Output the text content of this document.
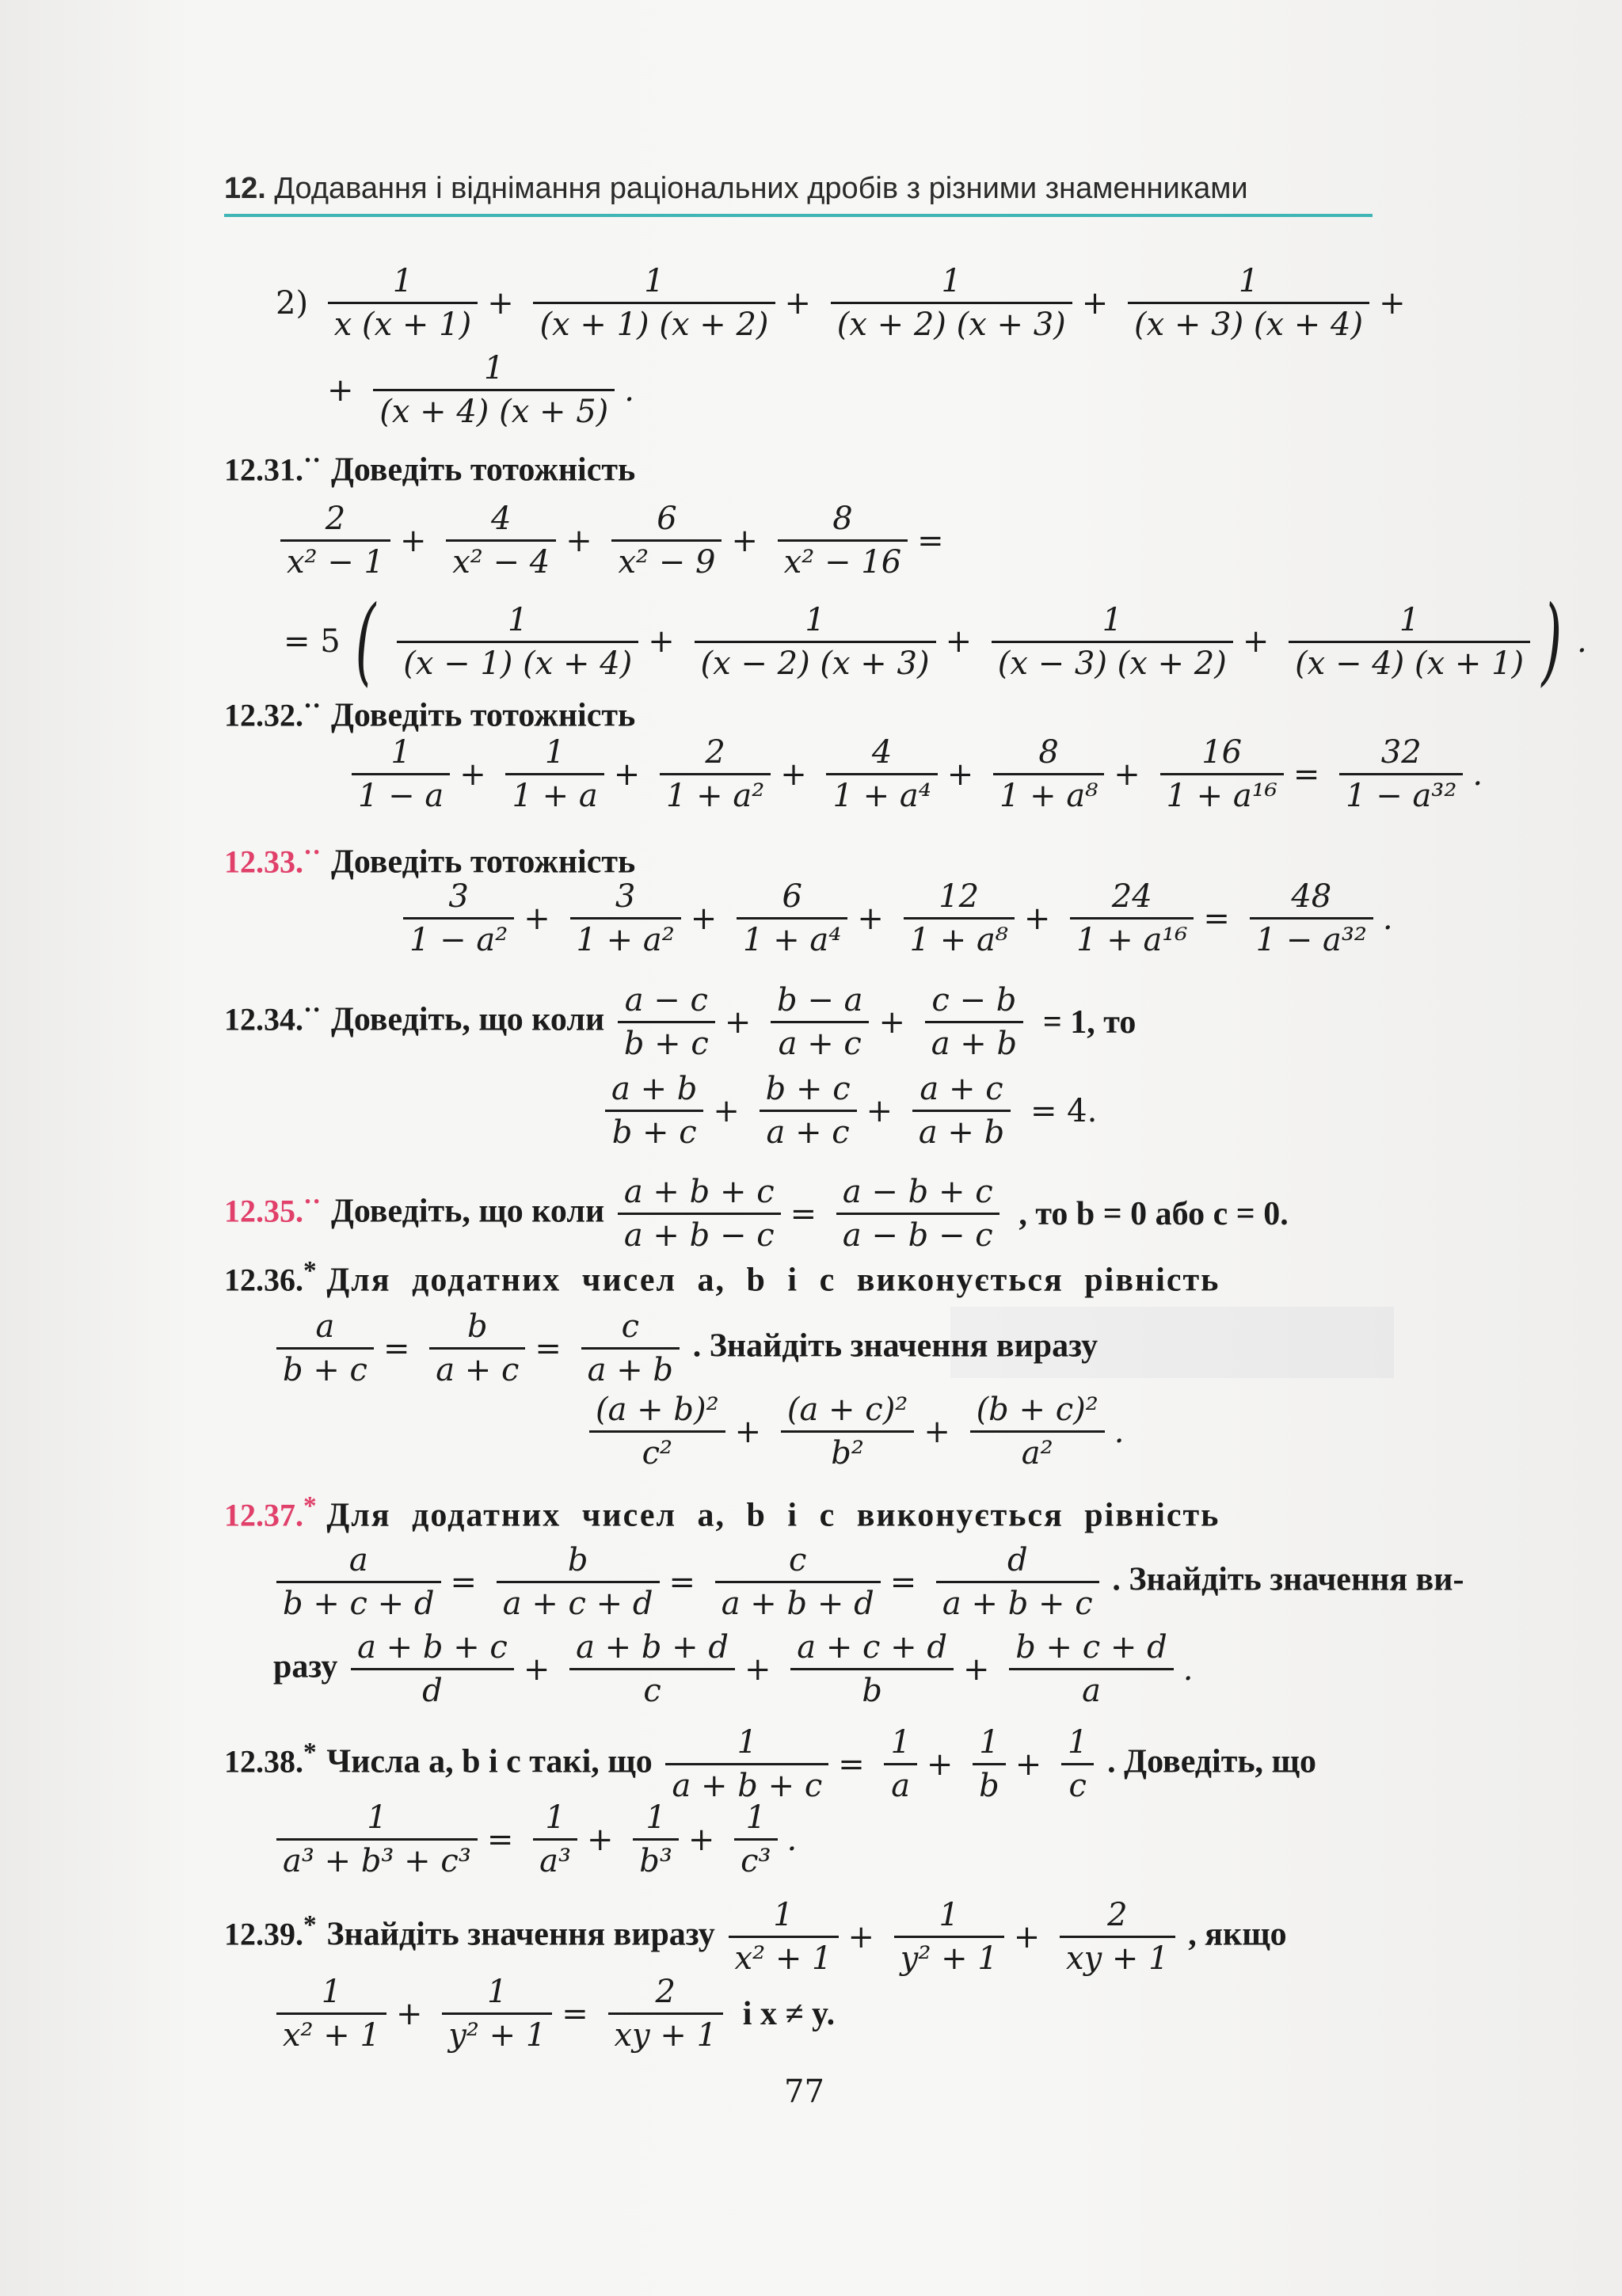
12. Додавання і віднімання раціональних дробів з різними знаменниками
$2) \frac{1}{x (x + 1)} + \frac{1}{(x + 1) (x + 2)} + \frac{1}{(x + 2) (x + 3)} + \frac{1}{(x + 3) (x + 4)}$ +
+ $\frac{1}{(x + 4) (x + 5)}$ .
12.31.·· Доведіть тотожність
$\frac{2}{\text{x² − 1}} + \frac{4}{\text{x² − 4}} + \frac{6}{\text{x² − 9}} + \frac{8}{\text{x² − 16}}$ =
= 5 ( $\frac{1}{(x - 1) (x + 4)} + \frac{1}{(x - 2) (x + 3)} + \frac{1}{(x - 3) (x + 2)} + \frac{1}{(x - 4) (x + 1)}$ ) .
12.32.·· Доведіть тотожність
$\frac{1}{1 - a} + \frac{1}{1 + a} + \frac{2}{\text{1 + a²}} + \frac{4}{\text{1 + a⁴}} + \frac{8}{\text{1 + a⁸}} + \frac{16}{\text{1 + a¹⁶}} = \frac{32}{\text{1 − a³²}}$ .
12.33.·· Доведіть тотожність
$\frac{3}{\text{1 − a²}} + \frac{3}{\text{1 + a²}} + \frac{6}{\text{1 + a⁴}} + \frac{12}{\text{1 + a⁸}} + \frac{24}{\text{1 + a¹⁶}} = \frac{48}{\text{1 − a³²}}$ .
12.34.·· Доведіть, що коли $\frac{a - c}{b + c} + \frac{b - a}{a + c} + \frac{c - b}{a + b} = 1$, то
$\frac{a + b}{b + c} + \frac{b + c}{a + c} + \frac{a + c}{a + b} = 4$.
12.35.·· Доведіть, що коли $\frac{a + b + c}{a + b - c} = \frac{a - b + c}{a - b - c}$ , то b = 0 або c = 0.
12.36.* Для додатних чисел a, b і c виконується рівність
$\frac{a}{b + c} = \frac{b}{a + c} = \frac{c}{a + b}$ . Знайдіть значення виразу
$\frac{\text{(a + b)²}}{\text{c²}} + \frac{\text{(a + c)²}}{\text{b²}} + \frac{\text{(b + c)²}}{\text{a²}}$ .
12.37.* Для додатних чисел a, b і c виконується рівність
$\frac{a}{b + c + d} = \frac{b}{a + c + d} = \frac{c}{a + b + d} = \frac{d}{a + b + c}$ . Знайдіть значення ви-
разу $\frac{a + b + c}{d} + \frac{a + b + d}{c} + \frac{a + c + d}{b} + \frac{b + c + d}{a}$ .
12.38.* Числа a, b і c такі, що $\frac{1}{a + b + c} = \frac{1}{a} + \frac{1}{b} + \frac{1}{c}$ . Доведіть, що
$\frac{1}{\text{a³ + b³ + c³}} = \frac{1}{\text{a³}} + \frac{1}{\text{b³}} + \frac{1}{\text{c³}}$ .
12.39.* Знайдіть значення виразу $\frac{1}{\text{x² + 1}} + \frac{1}{\text{y² + 1}} + \frac{2}{xy + 1}$ , якщо
$\frac{1}{\text{x² + 1}} + \frac{1}{\text{y² + 1}} = \frac{2}{xy + 1}$ і x ≠ y.
77
